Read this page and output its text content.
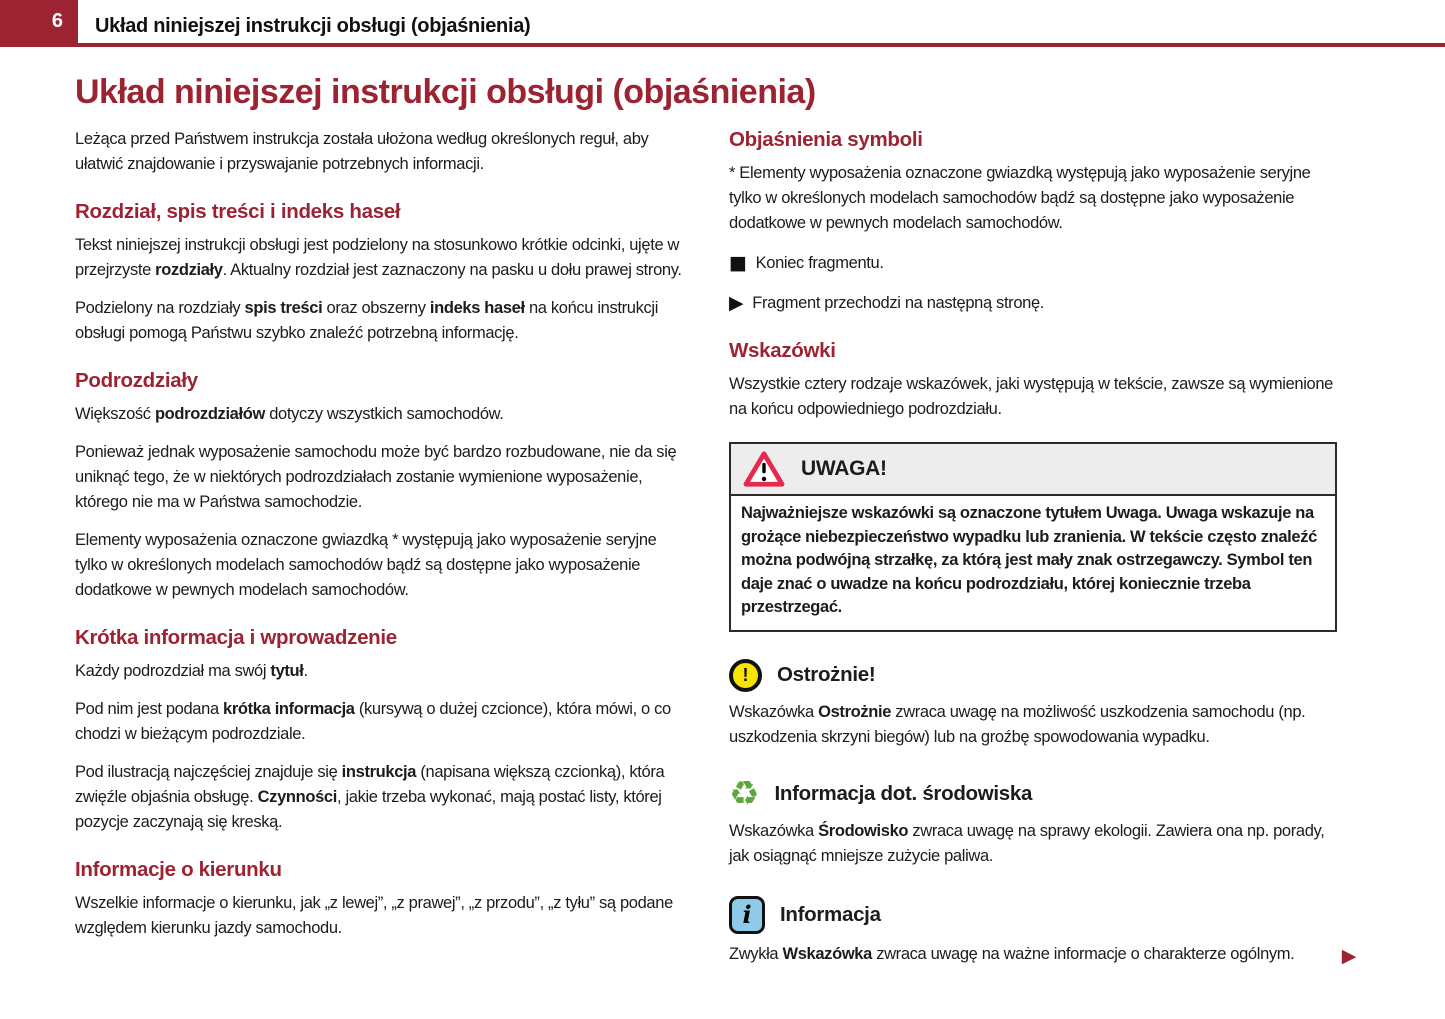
6 Układ niniejszej instrukcji obsługi (objaśnienia)
Układ niniejszej instrukcji obsługi (objaśnienia)

Leżąca przed Państwem instrukcja została ułożona według określonych reguł, aby ułatwić znajdowanie i przyswajanie potrzebnych informacji.

Rozdział, spis treści i indeks haseł

Tekst niniejszej instrukcji obsługi jest podzielony na stosunkowo krótkie odcinki, ujęte w przejrzyste rozdziały. Aktualny rozdział jest zaznaczony na pasku u dołu prawej strony.

Podzielony na rozdziały spis treści oraz obszerny indeks haseł na końcu instrukcji obsługi pomogą Państwu szybko znaleźć potrzebną informację.

Podrozdziały

Większość podrozdziałów dotyczy wszystkich samochodów.

Ponieważ jednak wyposażenie samochodu może być bardzo rozbudowane, nie da się uniknąć tego, że w niektórych podrozdziałach zostanie wymienione wyposażenie, którego nie ma w Państwa samochodzie.

Elementy wyposażenia oznaczone gwiazdką * występują jako wyposażenie seryjne tylko w określonych modelach samochodów bądź są dostępne jako wyposażenie dodatkowe w pewnych modelach samochodów.

Krótka informacja i wprowadzenie

Każdy podrozdział ma swój tytuł.

Pod nim jest podana krótka informacja (kursywą o dużej czcionce), która mówi, o co chodzi w bieżącym podrozdziale.

Pod ilustracją najczęściej znajduje się instrukcja (napisana większą czcionką), która zwięźle objaśnia obsługę. Czynności, jakie trzeba wykonać, mają postać listy, której pozycje zaczynają się kreską.

Informacje o kierunku

Wszelkie informacje o kierunku, jak „z lewej”, „z prawej”, „z przodu”, „z tyłu” są podane względem kierunku jazdy samochodu.

Objaśnienia symboli

* Elementy wyposażenia oznaczone gwiazdką występują jako wyposażenie seryjne tylko w określonych modelach samochodów bądź są dostępne jako wyposażenie dodatkowe w pewnych modelach samochodów.

■ Koniec fragmentu.
▶ Fragment przechodzi na następną stronę.
Wskazówki

Wszystkie cztery rodzaje wskazówek, jaki występują w tekście, zawsze są wymienione na końcu odpowiedniego podrozdziału.

UWAGA!
Najważniejsze wskazówki są oznaczone tytułem Uwaga. Uwaga wskazuje na grożące niebezpieczeństwo wypadku lub zranienia. W tekście często znaleźć można podwójną strzałkę, za którą jest mały znak ostrzegawczy. Symbol ten daje znać o uwadze na końcu podrozdziału, której koniecznie trzeba przestrzegać.
!	Ostrożnie!

Wskazówka Ostrożnie zwraca uwagę na możliwość uszkodzenia samochodu (np. uszkodzenia skrzyni biegów) lub na groźbę spowodowania wypadku.

♻ Informacja dot. środowiska

Wskazówka Środowisko zwraca uwagę na sprawy ekologii. Zawiera ona np. porady, jak osiągnąć mniejsze zużycie paliwa.

i	Informacja

Zwykła Wskazówka zwraca uwagę na ważne informacje o charakterze ogólnym. ▶
